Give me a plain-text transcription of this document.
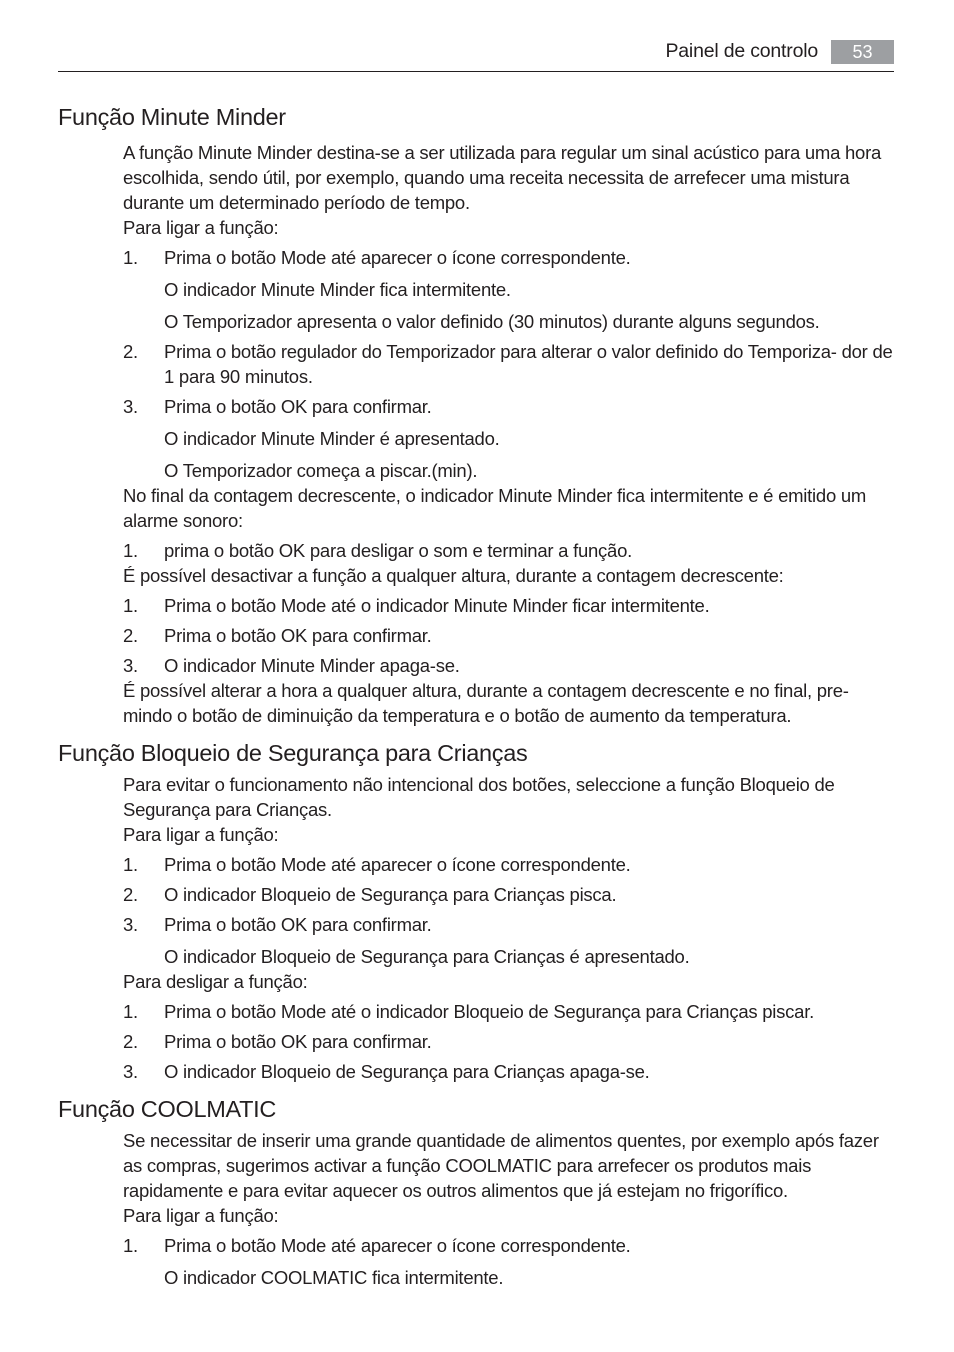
Painel de controlo	53
Função Minute Minder

A função Minute Minder destina-se a ser utilizada para regular um sinal acústico para uma hora escolhida, sendo útil, por exemplo, quando uma receita necessita de arrefecer uma mistura durante um determinado período de tempo.

Para ligar a função:

1.	Prima o botão Mode até aparecer o ícone correspondente.

O indicador Minute Minder fica intermitente.

O Temporizador apresenta o valor definido (30 minutos) durante alguns segundos.

2.	Prima o botão regulador do Temporizador para alterar o valor definido do Temporiza- dor de 1 para 90 minutos.
3.	Prima o botão OK para confirmar.

O indicador Minute Minder é apresentado.

O Temporizador começa a piscar.(min).

No final da contagem decrescente, o indicador Minute Minder fica intermitente e é emitido um alarme sonoro:

1.	prima o botão OK para desligar o som e terminar a função.

É possível desactivar a função a qualquer altura, durante a contagem decrescente:

1.	Prima o botão Mode até o indicador Minute Minder ficar intermitente.
2.	Prima o botão OK para confirmar.
3.	O indicador Minute Minder apaga-se.

É possível alterar a hora a qualquer altura, durante a contagem decrescente e no final, pre- mindo o botão de diminuição da temperatura e o botão de aumento da temperatura.

Função Bloqueio de Segurança para Crianças

Para evitar o funcionamento não intencional dos botões, seleccione a função Bloqueio de Segurança para Crianças.

Para ligar a função:

1.	Prima o botão Mode até aparecer o ícone correspondente.
2.	O indicador Bloqueio de Segurança para Crianças pisca.
3.	Prima o botão OK para confirmar.

O indicador Bloqueio de Segurança para Crianças é apresentado.

Para desligar a função:

1.	Prima o botão Mode até o indicador Bloqueio de Segurança para Crianças piscar.
2.	Prima o botão OK para confirmar.
3.	O indicador Bloqueio de Segurança para Crianças apaga-se.
Função COOLMATIC

Se necessitar de inserir uma grande quantidade de alimentos quentes, por exemplo após fazer as compras, sugerimos activar a função COOLMATIC para arrefecer os produtos mais rapidamente e para evitar aquecer os outros alimentos que já estejam no frigorífico.

Para ligar a função:

1.	Prima o botão Mode até aparecer o ícone correspondente.

O indicador COOLMATIC fica intermitente.
